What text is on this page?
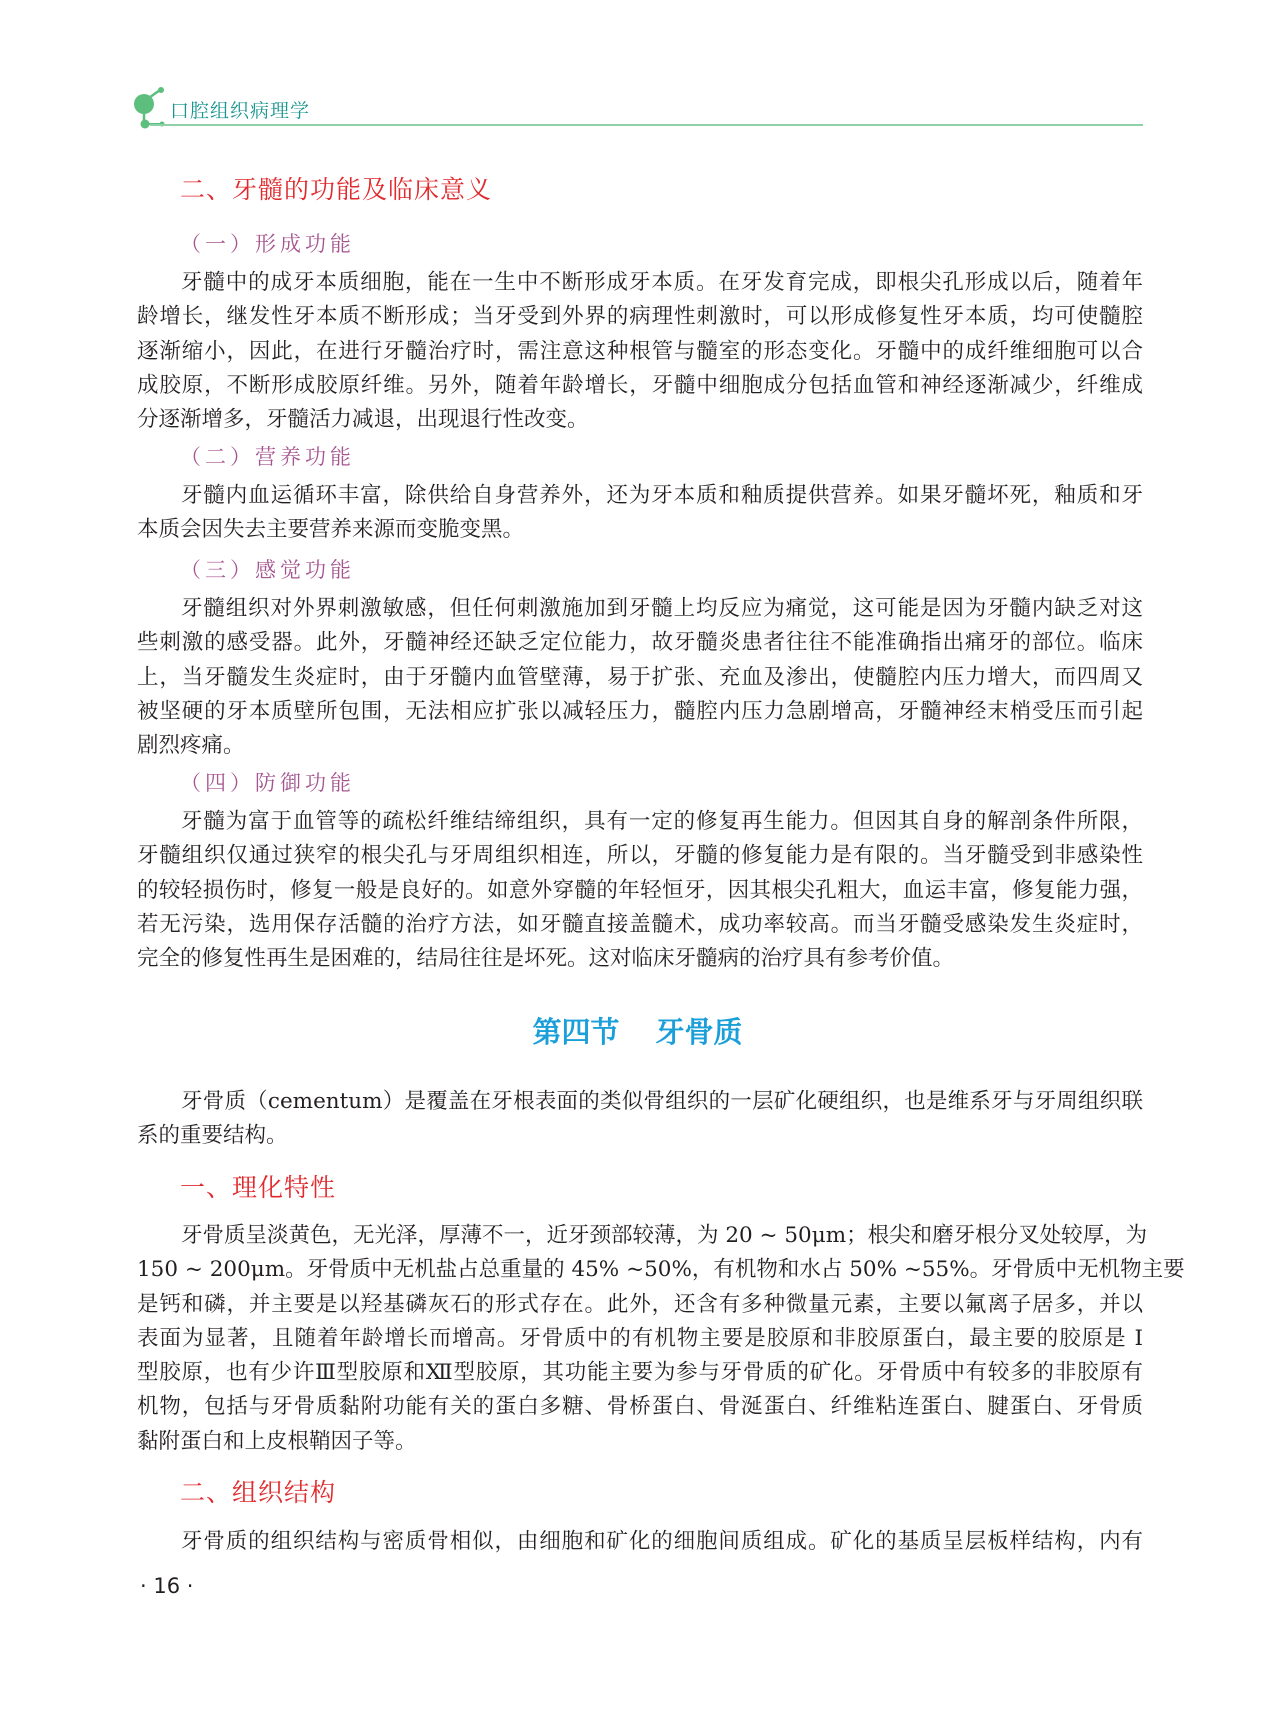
口腔组织病理学
二、牙髓的功能及临床意义
（一）形成功能
牙髓中的成牙本质细胞，能在一生中不断形成牙本质。在牙发育完成，即根尖孔形成以后，随着年
龄增长，继发性牙本质不断形成；当牙受到外界的病理性刺激时，可以形成修复性牙本质，均可使髓腔
逐渐缩小，因此，在进行牙髓治疗时，需注意这种根管与髓室的形态变化。牙髓中的成纤维细胞可以合
成胶原，不断形成胶原纤维。另外，随着年龄增长，牙髓中细胞成分包括血管和神经逐渐减少，纤维成
分逐渐增多，牙髓活力减退，出现退行性改变。
（二）营养功能
牙髓内血运循环丰富，除供给自身营养外，还为牙本质和釉质提供营养。如果牙髓坏死，釉质和牙
本质会因失去主要营养来源而变脆变黑。
（三）感觉功能
牙髓组织对外界刺激敏感，但任何刺激施加到牙髓上均反应为痛觉，这可能是因为牙髓内缺乏对这
些刺激的感受器。此外，牙髓神经还缺乏定位能力，故牙髓炎患者往往不能准确指出痛牙的部位。临床
上，当牙髓发生炎症时，由于牙髓内血管壁薄，易于扩张、充血及渗出，使髓腔内压力增大，而四周又
被坚硬的牙本质壁所包围，无法相应扩张以减轻压力，髓腔内压力急剧增高，牙髓神经末梢受压而引起
剧烈疼痛。
（四）防御功能
牙髓为富于血管等的疏松纤维结缔组织，具有一定的修复再生能力。但因其自身的解剖条件所限，
牙髓组织仅通过狭窄的根尖孔与牙周组织相连，所以，牙髓的修复能力是有限的。当牙髓受到非感染性
的较轻损伤时，修复一般是良好的。如意外穿髓的年轻恒牙，因其根尖孔粗大，血运丰富，修复能力强，
若无污染，选用保存活髓的治疗方法，如牙髓直接盖髓术，成功率较高。而当牙髓受感染发生炎症时，
完全的修复性再生是困难的，结局往往是坏死。这对临床牙髓病的治疗具有参考价值。
第四节 牙骨质
牙骨质（cementum）是覆盖在牙根表面的类似骨组织的一层矿化硬组织，也是维系牙与牙周组织联
系的重要结构。
一、理化特性
牙骨质呈淡黄色，无光泽，厚薄不一，近牙颈部较薄，为 20 ~ 50μm；根尖和磨牙根分叉处较厚，为
150 ~ 200μm。牙骨质中无机盐占总重量的 45% ~50%，有机物和水占 50% ~55%。牙骨质中无机物主要
是钙和磷，并主要是以羟基磷灰石的形式存在。此外，还含有多种微量元素，主要以氟离子居多，并以
表面为显著，且随着年龄增长而增高。牙骨质中的有机物主要是胶原和非胶原蛋白，最主要的胶原是 Ⅰ
型胶原，也有少许Ⅲ型胶原和Ⅻ型胶原，其功能主要为参与牙骨质的矿化。牙骨质中有较多的非胶原有
机物，包括与牙骨质黏附功能有关的蛋白多糖、骨桥蛋白、骨涎蛋白、纤维粘连蛋白、腱蛋白、牙骨质
黏附蛋白和上皮根鞘因子等。
二、组织结构
牙骨质的组织结构与密质骨相似，由细胞和矿化的细胞间质组成。矿化的基质呈层板样结构，内有
· 16 ·
